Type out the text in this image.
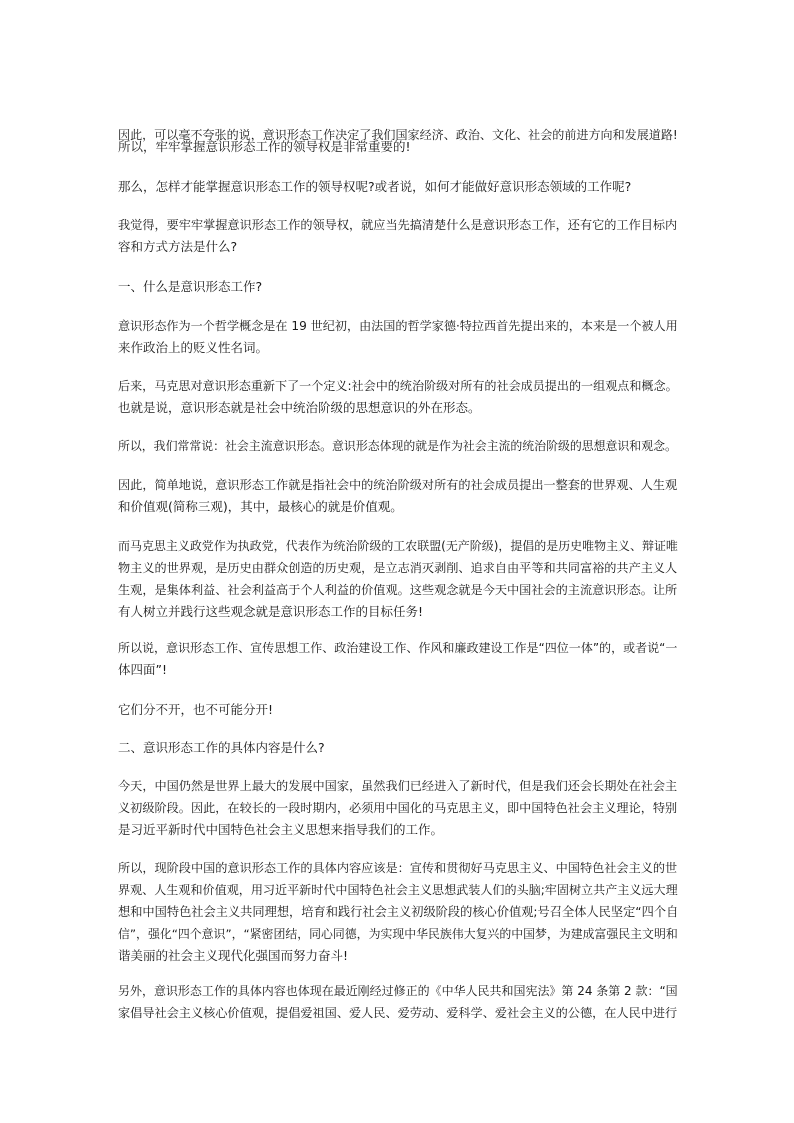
因此，可以毫不夸张的说，意识形态工作决定了我们国家经济、政治、文化、社会的前进方向和发展道路!

所以，牢牢掌握意识形态工作的领导权是非常重要的!

那么，怎样才能掌握意识形态工作的领导权呢?或者说，如何才能做好意识形态领域的工作呢?

我觉得，要牢牢掌握意识形态工作的领导权，就应当先搞清楚什么是意识形态工作，还有它的工作目标内
容和方式方法是什么?

一、什么是意识形态工作?

意识形态作为一个哲学概念是在 19 世纪初，由法国的哲学家德·特拉西首先提出来的，本来是一个被人用
来作政治上的贬义性名词。

后来，马克思对意识形态重新下了一个定义:社会中的统治阶级对所有的社会成员提出的一组观点和概念。
也就是说，意识形态就是社会中统治阶级的思想意识的外在形态。

所以，我们常常说：社会主流意识形态。意识形态体现的就是作为社会主流的统治阶级的思想意识和观念。

因此，简单地说，意识形态工作就是指社会中的统治阶级对所有的社会成员提出一整套的世界观、人生观
和价值观(简称三观)，其中，最核心的就是价值观。

而马克思主义政党作为执政党，代表作为统治阶级的工农联盟(无产阶级)，提倡的是历史唯物主义、辩证唯
物主义的世界观，是历史由群众创造的历史观，是立志消灭剥削、追求自由平等和共同富裕的共产主义人
生观，是集体利益、社会利益高于个人利益的价值观。这些观念就是今天中国社会的主流意识形态。让所
有人树立并践行这些观念就是意识形态工作的目标任务!

所以说，意识形态工作、宣传思想工作、政治建设工作、作风和廉政建设工作是“四位一体”的，或者说“一
体四面”!

它们分不开，也不可能分开!

二、意识形态工作的具体内容是什么?

今天，中国仍然是世界上最大的发展中国家，虽然我们已经进入了新时代，但是我们还会长期处在社会主
义初级阶段。因此，在较长的一段时期内，必须用中国化的马克思主义，即中国特色社会主义理论，特别
是习近平新时代中国特色社会主义思想来指导我们的工作。

所以，现阶段中国的意识形态工作的具体内容应该是：宣传和贯彻好马克思主义、中国特色社会主义的世
界观、人生观和价值观，用习近平新时代中国特色社会主义思想武装人们的头脑;牢固树立共产主义远大理
想和中国特色社会主义共同理想，培育和践行社会主义初级阶段的核心价值观;号召全体人民坚定“四个自
信”，强化“四个意识”，“紧密团结，同心同德，为实现中华民族伟大复兴的中国梦，为建成富强民主文明和
谐美丽的社会主义现代化强国而努力奋斗!

另外，意识形态工作的具体内容也体现在最近刚经过修正的《中华人民共和国宪法》第 24 条第 2 款：“国
家倡导社会主义核心价值观，提倡爱祖国、爱人民、爱劳动、爱科学、爱社会主义的公德，在人民中进行
